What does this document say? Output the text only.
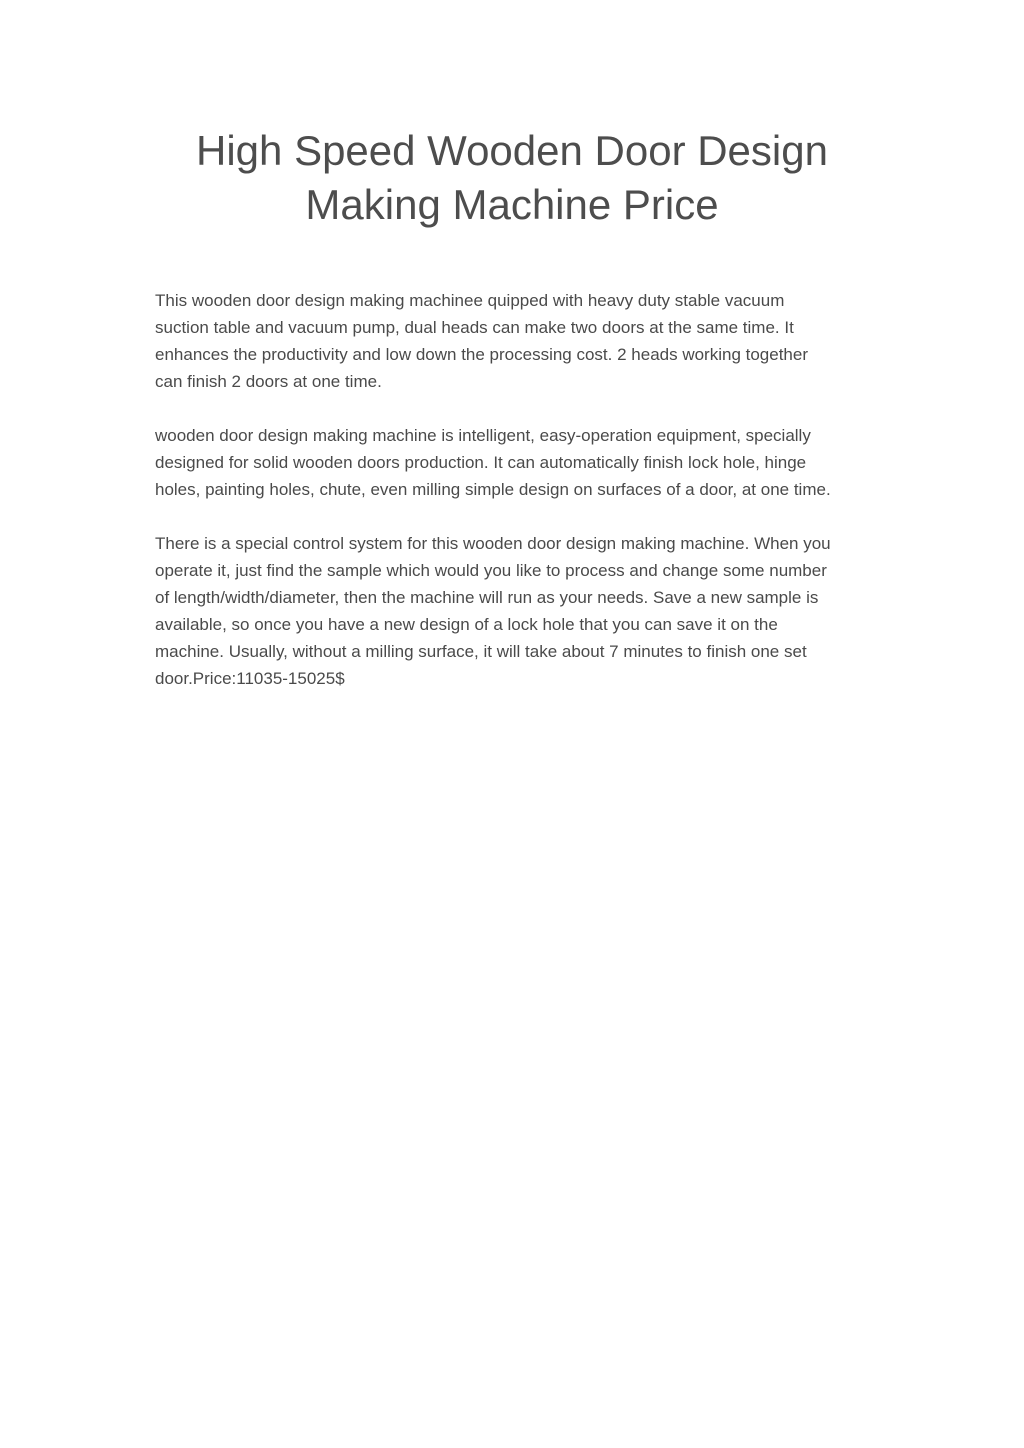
High Speed Wooden Door Design
Making Machine Price

This wooden door design making machinee quipped with heavy duty stable vacuum
suction table and vacuum pump, dual heads can make two doors at the same time. It
enhances the productivity and low down the processing cost. 2 heads working together
can finish 2 doors at one time.

wooden door design making machine is intelligent, easy-operation equipment, specially
designed for solid wooden doors production. It can automatically finish lock hole, hinge
holes, painting holes, chute, even milling simple design on surfaces of a door, at one time.

There is a special control system for this wooden door design making machine. When you
operate it, just find the sample which would you like to process and change some number
of length/width/diameter, then the machine will run as your needs. Save a new sample is
available, so once you have a new design of a lock hole that you can save it on the
machine. Usually, without a milling surface, it will take about 7 minutes to finish one set
door.Price:11035-15025$
